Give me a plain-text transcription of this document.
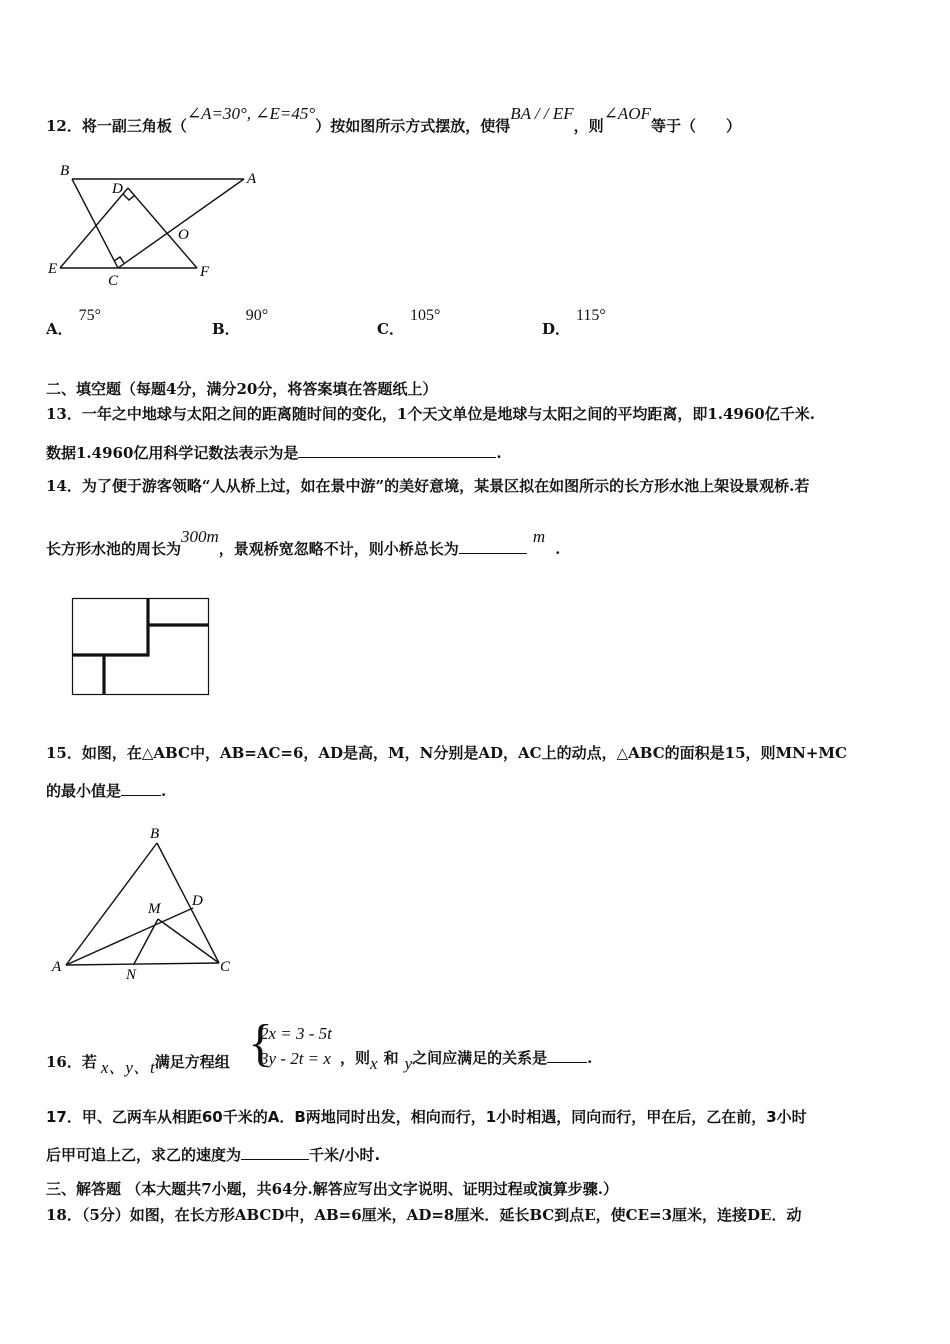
12．将一副三角板（∠A=30°, ∠E=45°）按如图所示方式摆放，使得BA / / EF，则∠AOF等于（　　）
B	A
D
O
E
C
F
A．75°
B．90°
C．105°
D．115°
二、填空题（每题4分，满分20分，将答案填在答题纸上）
13．一年之中地球与太阳之间的距离随时间的变化，1个天文单位是地球与太阳之间的平均距离，即1.4960亿千米.
数据1.4960亿用科学记数法表示为是	.
14．为了便于游客领略“人从桥上过，如在景中游”的美好意境，某景区拟在如图所示的长方形水池上架设景观桥.若
长方形水池的周长为300m，景观桥宽忽略不计，则小桥总长为m.
15．如图，在△ABC中，AB=AC=6，AD是高，M，N分别是AD，AC上的动点，△ABC的面积是15，则MN+MC
的最小值是	.
B
D
M
A	C
N
16．若 x、y、t满足方程组 {
2x = 3 - 5t
3y - 2t = x ，则x 和 y之间应满足的关系是	.
17．甲、乙两车从相距60千米的A．B两地同时出发，相向而行，1小时相遇，同向而行，甲在后，乙在前，3小时
后甲可追上乙，求乙的速度为	千米/小时.
三、解答题 （本大题共7小题，共64分.解答应写出文字说明、证明过程或演算步骤.）
18．（5分）如图，在长方形ABCD中，AB=6厘米，AD=8厘米．延长BC到点E，使CE=3厘米，连接DE．动
